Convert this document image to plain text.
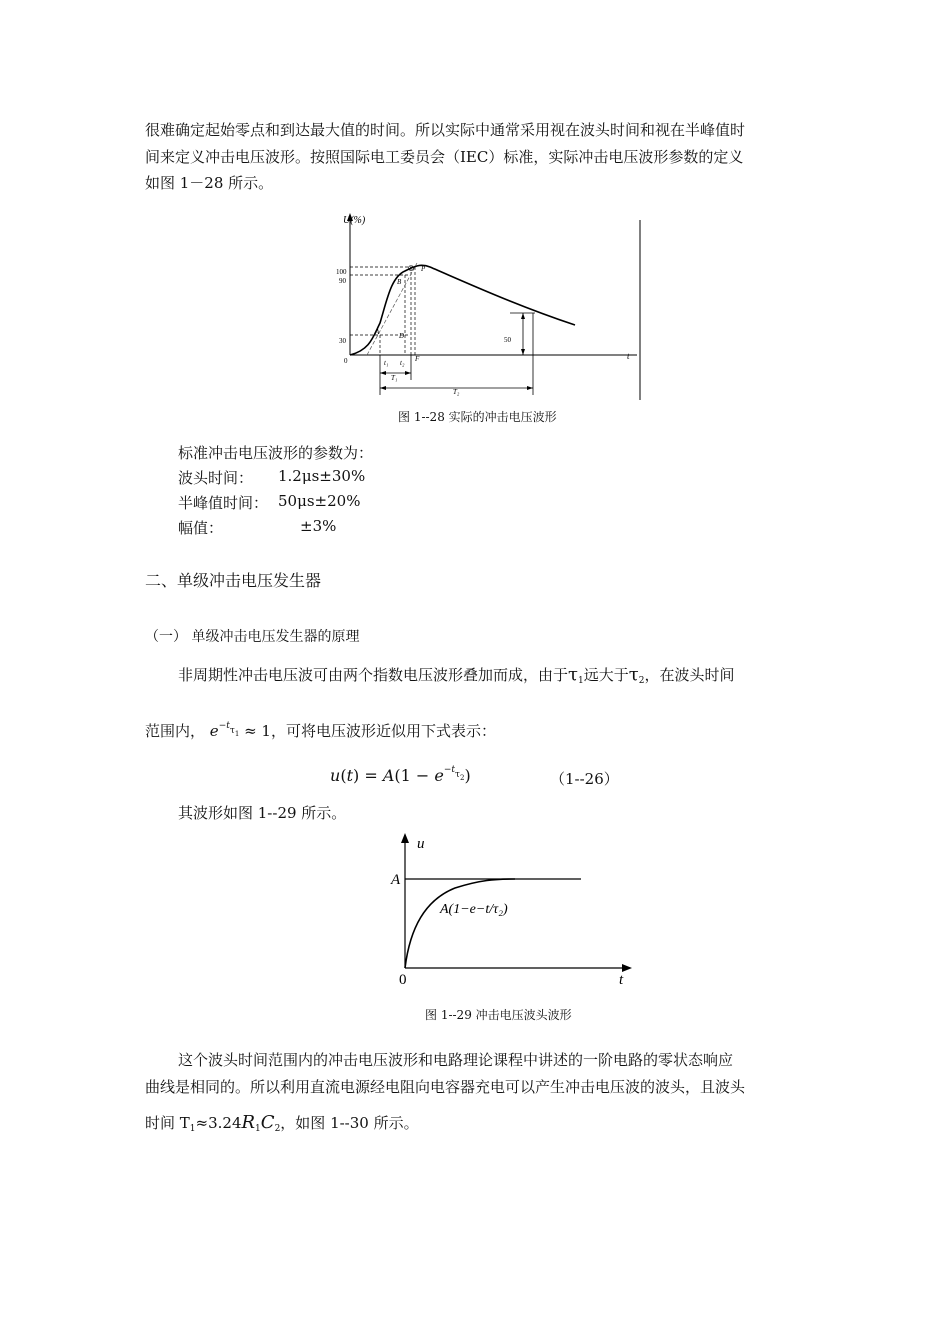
很难确定起始零点和到达最大值的时间。所以实际中通常采用视在波头时间和视在半峰值时
间来定义冲击电压波形。按照国际电工委员会（IEC）标准，实际冲击电压波形参数的定义
如图 1－28 所示。
U(%)
t
100
90
30
0
P
B
A	D
F
50
t₁ t₂
T₁
T₂
图 1--28 实际的冲击电压波形
标准冲击电压波形的参数为：
波头时间： 1.2μs±30%
半峰值时间： 50μs±20%
幅值：	±3%
二、单级冲击电压发生器
（一） 单级冲击电压发生器的原理
非周期性冲击电压波可由两个指数电压波形叠加而成，由于$\tau_1$远大于$\tau_2$，在波头时间
范围内， $e^{-t\tau_1} \approx 1$，可将电压波形近似用下式表示：
$u(t) = A(1 - e^{-t\tau_2})$	（1--26）
其波形如图 1--29 所示。
u
A
0	t
A(1−e−t/τ₂)
图 1--29 冲击电压波头波形
这个波头时间范围内的冲击电压波形和电路理论课程中讲述的一阶电路的零状态响应
曲线是相同的。所以利用直流电源经电阻向电容器充电可以产生冲击电压波的波头，且波头
时间 $T_1\approx 3.24R_1C_2$，如图 1--30 所示。
